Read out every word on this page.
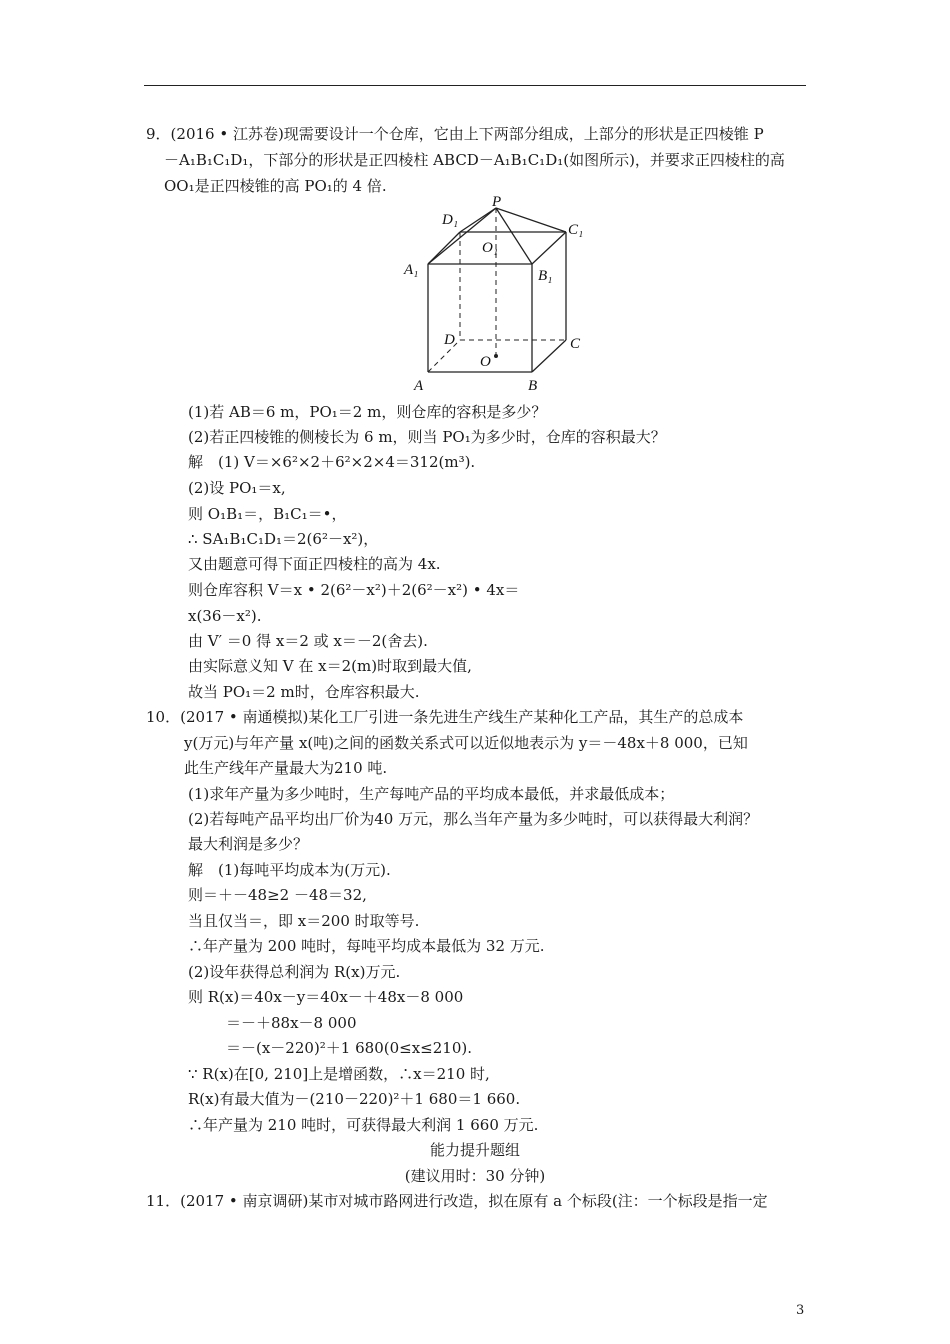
9．(2016 • 江苏卷)现需要设计一个仓库，它由上下两部分组成，上部分的形状是正四棱锥 P
－A₁B₁C₁D₁，下部分的形状是正四棱柱 ABCD－A₁B₁C₁D₁(如图所示)，并要求正四棱柱的高
OO₁是正四棱锥的高 PO₁的 4 倍.
D₁
P
C₁
O₁
A₁	B₁
D	C
O
A	B
(1)若 AB＝6 m，PO₁＝2 m，则仓库的容积是多少？
(2)若正四棱锥的侧棱长为 6 m，则当 PO₁为多少时，仓库的容积最大？
解　(1) V＝×6²×2＋6²×2×4＝312(m³).
(2)设 PO₁＝x,
则 O₁B₁＝，B₁C₁＝•，
∴ SA₁B₁C₁D₁＝2(6²－x²)，
又由题意可得下面正四棱柱的高为 4x.
则仓库容积 V＝x • 2(6²－x²)＋2(6²－x²) • 4x＝
x(36－x²).
由 V′ ＝0 得 x＝2 或 x＝－2(舍去).
由实际意义知 V 在 x＝2(m)时取到最大值,
故当 PO₁＝2 m时，仓库容积最大.
10．(2017 • 南通模拟)某化工厂引进一条先进生产线生产某种化工产品，其生产的总成本
y(万元)与年产量 x(吨)之间的函数关系式可以近似地表示为 y＝－48x＋8 000，已知
此生产线年产量最大为210 吨.
(1)求年产量为多少吨时，生产每吨产品的平均成本最低，并求最低成本；
(2)若每吨产品平均出厂价为40 万元，那么当年产量为多少吨时，可以获得最大利润？
最大利润是多少？
解　(1)每吨平均成本为(万元).
则＝＋－48≥2 －48＝32,
当且仅当＝，即 x＝200 时取等号.
∴年产量为 200 吨时，每吨平均成本最低为 32 万元.
(2)设年获得总利润为 R(x)万元.
则 R(x)＝40x－y＝40x－＋48x－8 000
＝－＋88x－8 000
＝－(x－220)²＋1 680(0≤x≤210).
∵ R(x)在[0, 210]上是增函数，∴x＝210 时,
R(x)有最大值为－(210－220)²＋1 680＝1 660.
∴年产量为 210 吨时，可获得最大利润 1 660 万元.
能力提升题组
(建议用时：30 分钟)
11．(2017 • 南京调研)某市对城市路网进行改造，拟在原有 a 个标段(注：一个标段是指一定
3
